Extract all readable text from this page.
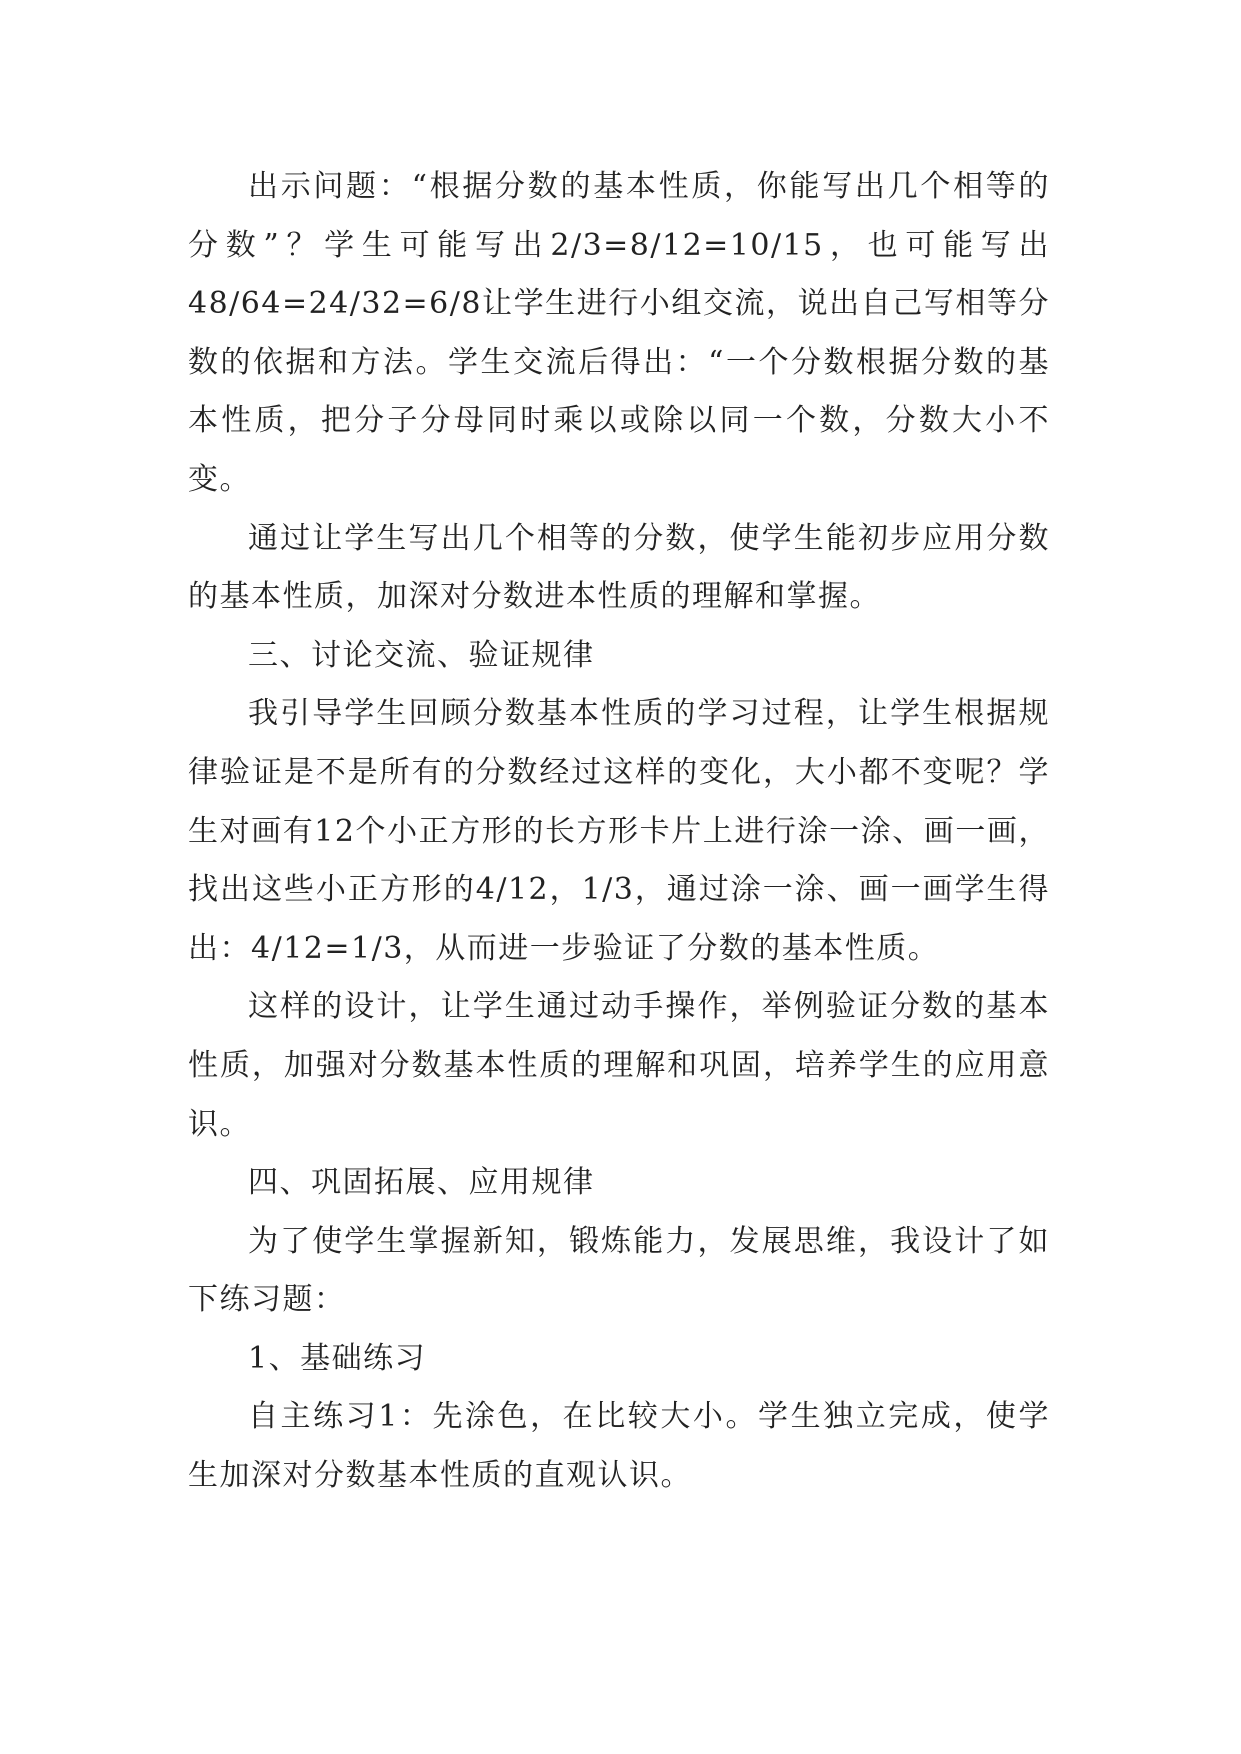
出示问题：“根据分数的基本性质，你能写出几个相等的分数”？学生可能写出2/3=8/12=10/15，也可能写出48/64=24/32=6/8让学生进行小组交流，说出自己写相等分数的依据和方法。学生交流后得出：“一个分数根据分数的基本性质，把分子分母同时乘以或除以同一个数，分数大小不变。

通过让学生写出几个相等的分数，使学生能初步应用分数的基本性质，加深对分数进本性质的理解和掌握。

三、讨论交流、验证规律

我引导学生回顾分数基本性质的学习过程，让学生根据规律验证是不是所有的分数经过这样的变化，大小都不变呢？学生对画有12个小正方形的长方形卡片上进行涂一涂、画一画，找出这些小正方形的4/12，1/3，通过涂一涂、画一画学生得出：4/12=1/3，从而进一步验证了分数的基本性质。

这样的设计，让学生通过动手操作，举例验证分数的基本性质，加强对分数基本性质的理解和巩固，培养学生的应用意识。

四、巩固拓展、应用规律

为了使学生掌握新知，锻炼能力，发展思维，我设计了如下练习题：

1、基础练习

自主练习1：先涂色，在比较大小。学生独立完成，使学生加深对分数基本性质的直观认识。
